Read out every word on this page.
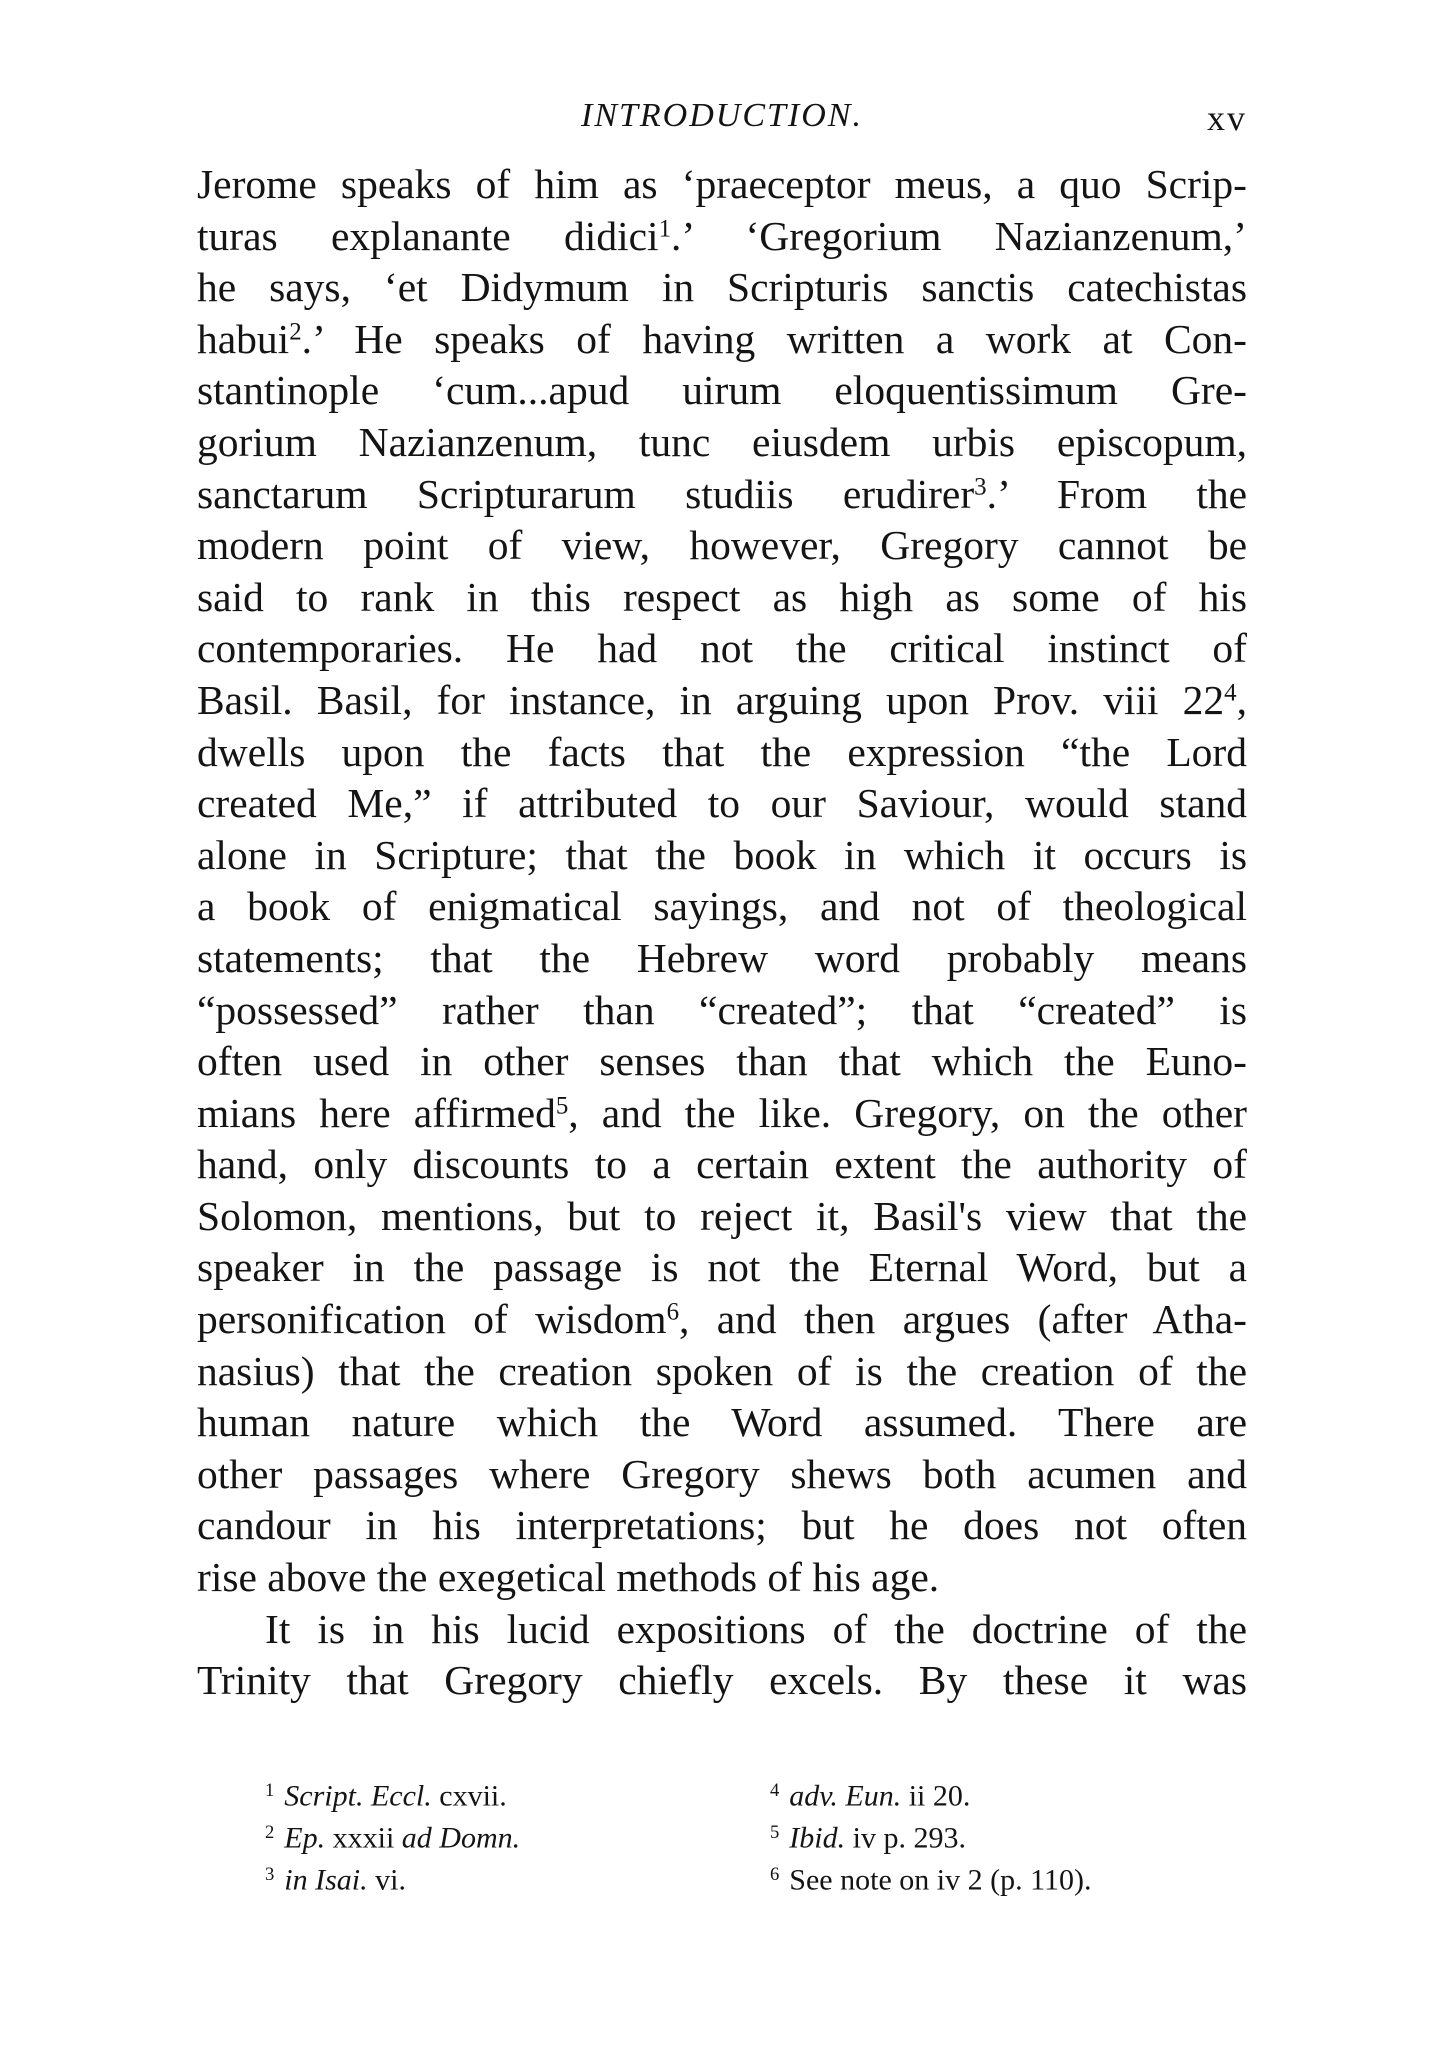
INTRODUCTION.	xv
Jerome speaks of him as ‘praeceptor meus, a quo Scrip-
turas explanante didici$^1$.’ ‘Gregorium Nazianzenum,’
he says, ‘et Didymum in Scripturis sanctis catechistas
habui$^2$.’ He speaks of having written a work at Con-
stantinople ‘cum...apud uirum eloquentissimum Gre-
gorium Nazianzenum, tunc eiusdem urbis episcopum,
sanctarum Scripturarum studiis erudirer$^3$.’ From the
modern point of view, however, Gregory cannot be
said to rank in this respect as high as some of his
contemporaries. He had not the critical instinct of
Basil. Basil, for instance, in arguing upon Prov. viii $22^4$,
dwells upon the facts that the expression “the Lord
created Me,” if attributed to our Saviour, would stand
alone in Scripture; that the book in which it occurs is
a book of enigmatical sayings, and not of theological
statements; that the Hebrew word probably means
“possessed” rather than “created”; that “created” is
often used in other senses than that which the Euno-
mians here affirmed$^5$, and the like. Gregory, on the other
hand, only discounts to a certain extent the authority of
Solomon, mentions, but to reject it, Basil's view that the
speaker in the passage is not the Eternal Word, but a
personification of wisdom$^6$, and then argues (after Atha-
nasius) that the creation spoken of is the creation of the
human nature which the Word assumed. There are
other passages where Gregory shews both acumen and
candour in his interpretations; but he does not often
rise above the exegetical methods of his age.
It is in his lucid expositions of the doctrine of the
Trinity that Gregory chiefly excels. By these it was
$^1$ Script. Eccl. cxvii.
$^2$ Ep. xxxii ad Domn.
$^3$ in Isai. vi.
$^4$ adv. Eun. ii 20.
$^5$ Ibid. iv p. 293.
$^6$ See note on iv 2 (p. 110).
